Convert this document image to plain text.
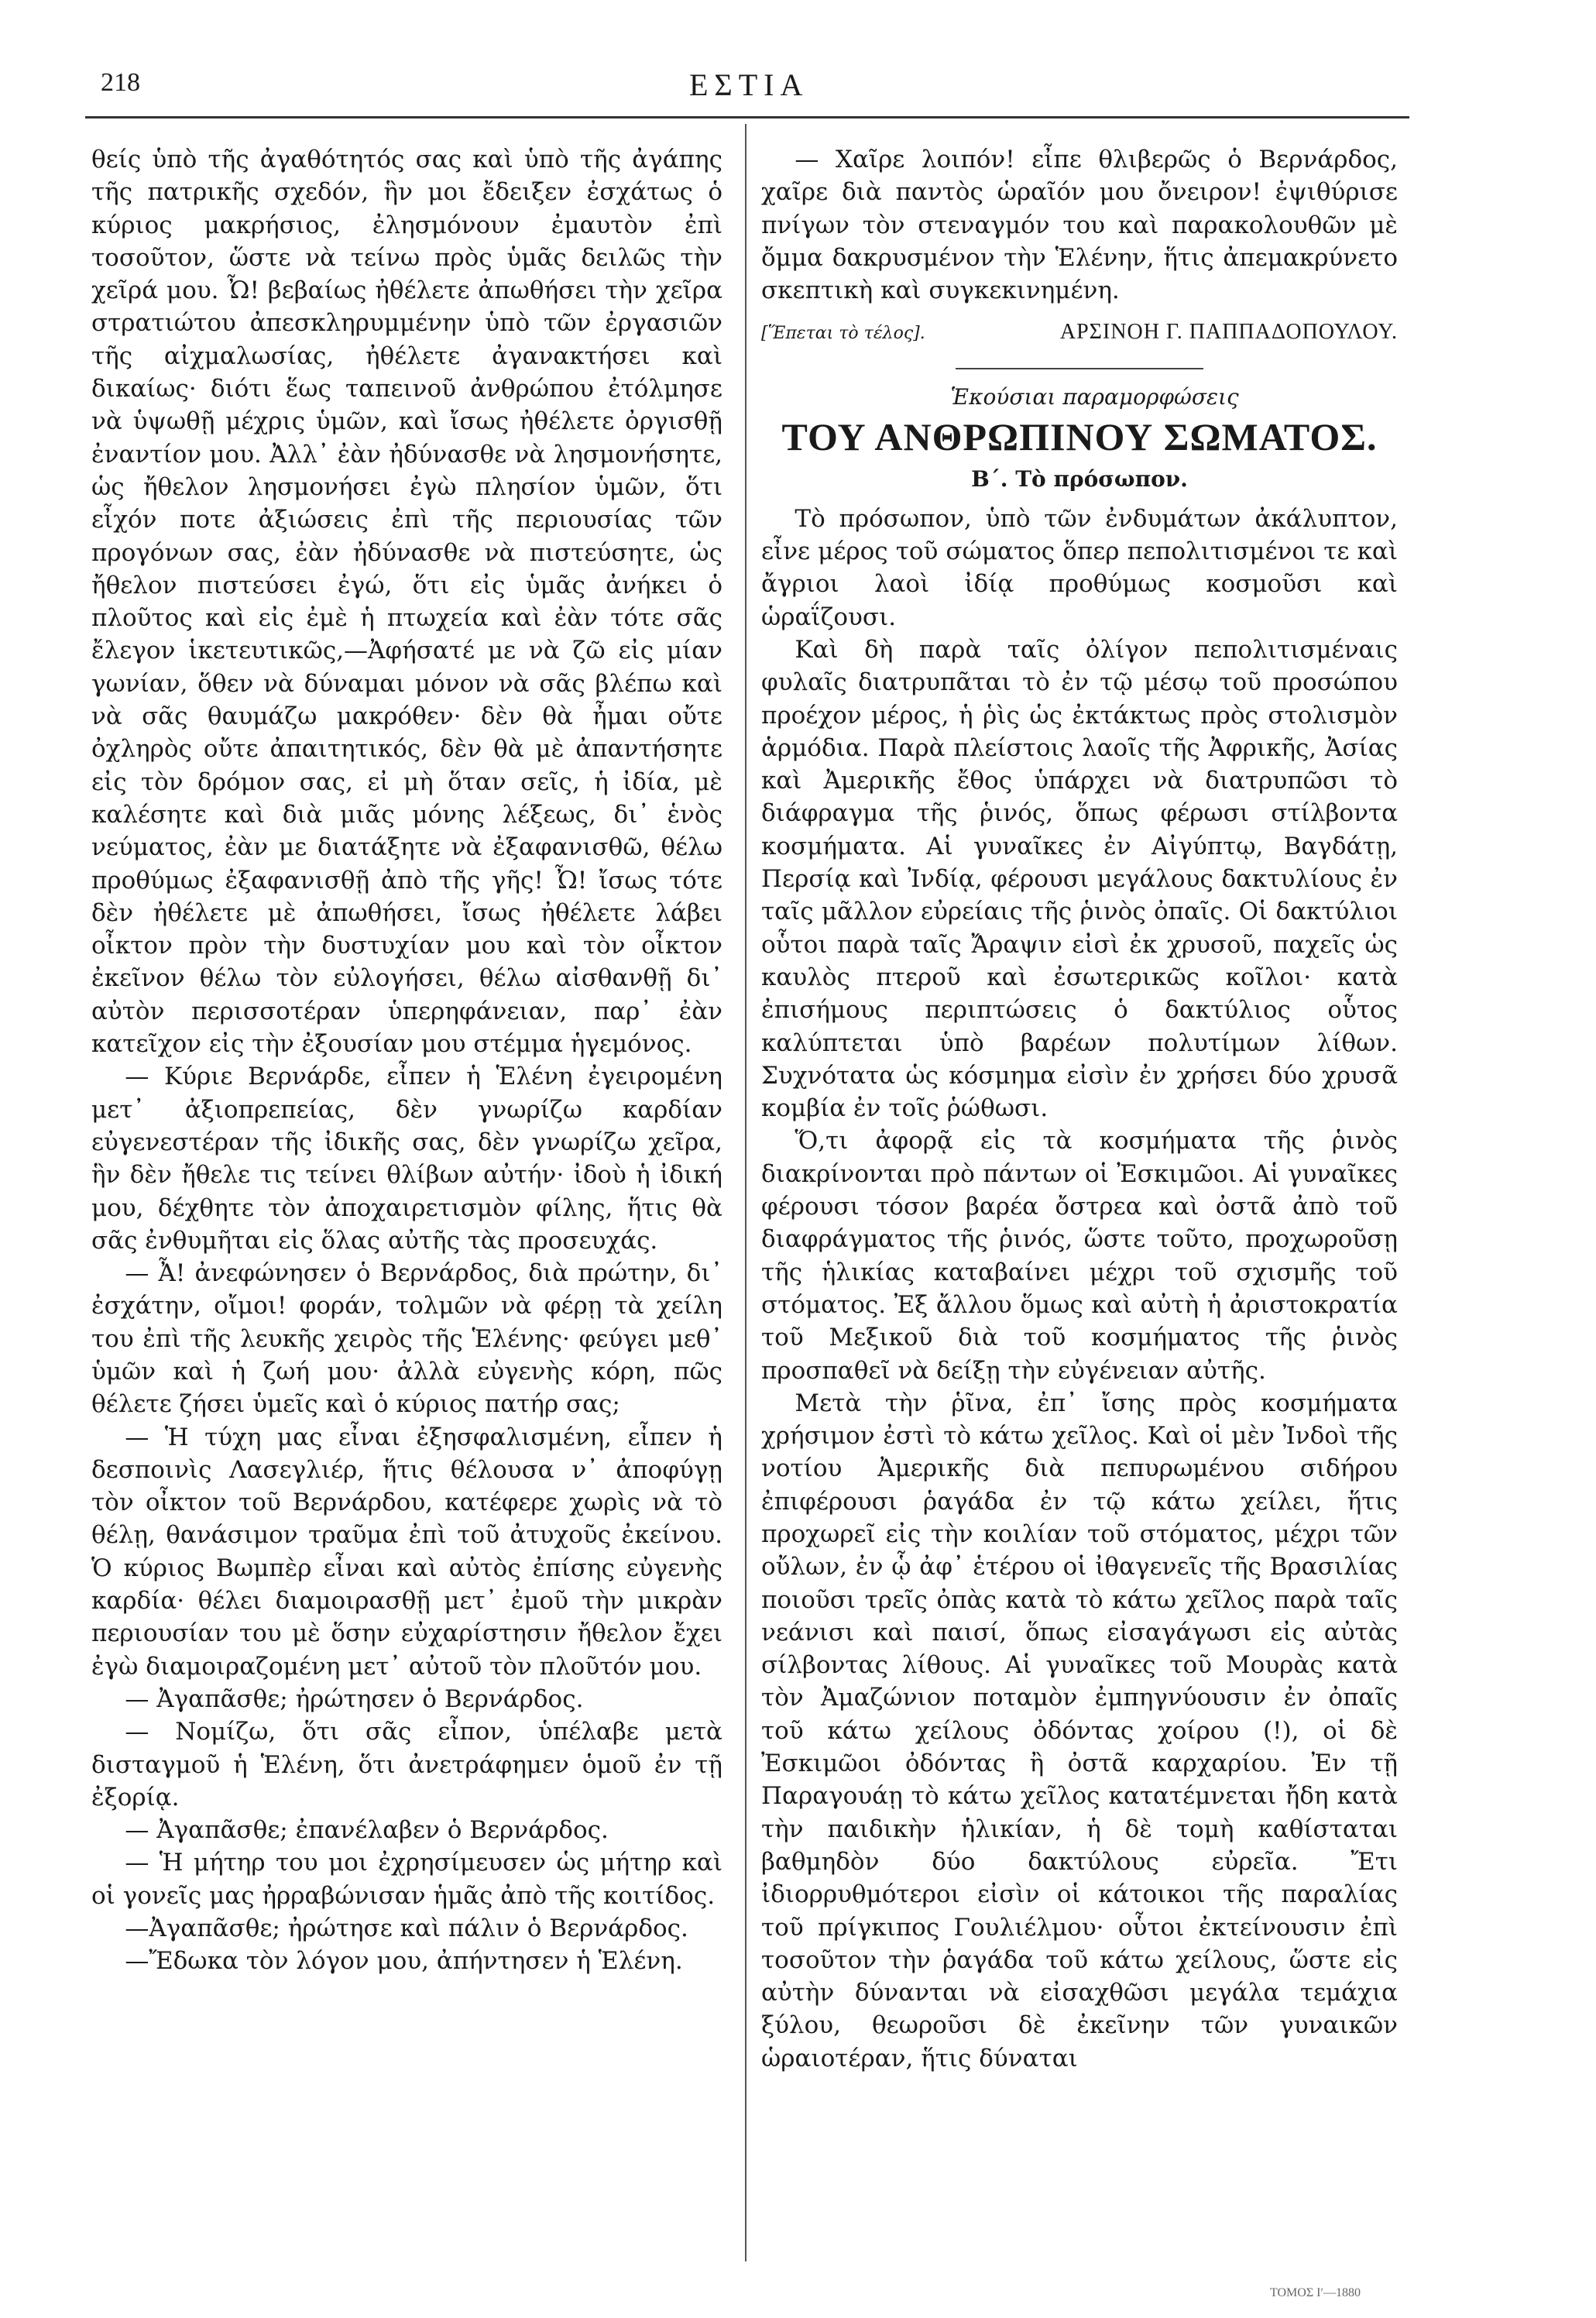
218	ΕΣΤΙΑ

θείς ὑπὸ τῆς ἀγαθότητός σας καὶ ὑπὸ τῆς ἀγάπης τῆς πατρικῆς σχεδόν, ἣν μοι ἔδειξεν ἐσχάτως ὁ κύριος μακρήσιος, ἐλησμόνουν ἐμαυτὸν ἐπὶ τοσοῦτον, ὥστε νὰ τείνω πρὸς ὑμᾶς δειλῶς τὴν χεῖρά μου. Ὦ! βεβαίως ἠθέλετε ἀπωθήσει τὴν χεῖρα στρατιώτου ἀπεσκληρυμμένην ὑπὸ τῶν ἐργασιῶν τῆς αἰχμαλωσίας, ἠθέλετε ἀγανακτήσει καὶ δικαίως· διότι ἕως ταπεινοῦ ἀνθρώπου ἐτόλμησε νὰ ὑψωθῇ μέχρις ὑμῶν, καὶ ἴσως ἠθέλετε ὀργισθῇ ἐναντίον μου. Ἀλλ᾽ ἐὰν ἠδύνασθε νὰ λησμονήσητε, ὡς ἤθελον λησμονήσει ἐγὼ πλησίον ὑμῶν, ὅτι εἶχόν ποτε ἀξιώσεις ἐπὶ τῆς περιουσίας τῶν προγόνων σας, ἐὰν ἠδύνασθε νὰ πιστεύσητε, ὡς ἤθελον πιστεύσει ἐγώ, ὅτι εἰς ὑμᾶς ἀνήκει ὁ πλοῦτος καὶ εἰς ἐμὲ ἡ πτωχεία καὶ ἐὰν τότε σᾶς ἔλεγον ἱκετευτικῶς,—Ἀφήσατέ με νὰ ζῶ εἰς μίαν γωνίαν, ὅθεν νὰ δύναμαι μόνον νὰ σᾶς βλέπω καὶ νὰ σᾶς θαυμάζω μακρόθεν· δὲν θὰ ἦμαι οὔτε ὀχληρὸς οὔτε ἀπαιτητικός, δὲν θὰ μὲ ἀπαντήσητε εἰς τὸν δρόμον σας, εἰ μὴ ὅταν σεῖς, ἡ ἰδία, μὲ καλέσητε καὶ διὰ μιᾶς μόνης λέξεως, δι᾽ ἑνὸς νεύματος, ἐὰν με διατάξητε νὰ ἐξαφανισθῶ, θέλω προθύμως ἐξαφανισθῇ ἀπὸ τῆς γῆς! Ὦ! ἴσως τότε δὲν ἠθέλετε μὲ ἀπωθήσει, ἴσως ἠθέλετε λάβει οἶκτον πρὸν τὴν δυστυχίαν μου καὶ τὸν οἶκτον ἐκεῖνον θέλω τὸν εὐλογήσει, θέλω αἰσθανθῇ δι᾽ αὐτὸν περισσοτέραν ὑπερηφάνειαν, παρ᾽ ἐὰν κατεῖχον εἰς τὴν ἐξουσίαν μου στέμμα ἡγεμόνος.

— Κύριε Βερνάρδε, εἶπεν ἡ Ἑλένη ἐγειρομένη μετ᾽ ἀξιοπρεπείας, δὲν γνωρίζω καρδίαν εὐγενεστέραν τῆς ἰδικῆς σας, δὲν γνωρίζω χεῖρα, ἣν δὲν ἤθελε τις τείνει θλίβων αὐτήν· ἰδοὺ ἡ ἰδική μου, δέχθητε τὸν ἀποχαιρετισμὸν φίλης, ἥτις θὰ σᾶς ἐνθυμῆται εἰς ὅλας αὐτῆς τὰς προσευχάς.

— Ἆ! ἀνεφώνησεν ὁ Βερνάρδος, διὰ πρώτην, δι᾽ ἐσχάτην, οἴμοι! φοράν, τολμῶν νὰ φέρῃ τὰ χείλη του ἐπὶ τῆς λευκῆς χειρὸς τῆς Ἑλένης· φεύγει μεθ᾽ ὑμῶν καὶ ἡ ζωή μου· ἀλλὰ εὐγενὴς κόρη, πῶς θέλετε ζήσει ὑμεῖς καὶ ὁ κύριος πατήρ σας;

— Ἡ τύχη μας εἶναι ἐξησφαλισμένη, εἶπεν ἡ δεσποινὶς Λασεγλιέρ, ἥτις θέλουσα ν᾽ ἀποφύγῃ τὸν οἶκτον τοῦ Βερνάρδου, κατέφερε χωρὶς νὰ τὸ θέλῃ, θανάσιμον τραῦμα ἐπὶ τοῦ ἀτυχοῦς ἐκείνου. Ὁ κύριος Βωμπὲρ εἶναι καὶ αὐτὸς ἐπίσης εὐγενὴς καρδία· θέλει διαμοιρασθῇ μετ᾽ ἐμοῦ τὴν μικρὰν περιουσίαν του μὲ ὅσην εὐχαρίστησιν ἤθελον ἔχει ἐγὼ διαμοιραζομένη μετ᾽ αὐτοῦ τὸν πλοῦτόν μου.

— Ἀγαπᾶσθε; ἠρώτησεν ὁ Βερνάρδος.

— Νομίζω, ὅτι σᾶς εἶπον, ὑπέλαβε μετὰ δισταγμοῦ ἡ Ἑλένη, ὅτι ἀνετράφημεν ὁμοῦ ἐν τῇ ἐξορίᾳ.

— Ἀγαπᾶσθε; ἐπανέλαβεν ὁ Βερνάρδος.

— Ἡ μήτηρ του μοι ἐχρησίμευσεν ὡς μήτηρ καὶ οἱ γονεῖς μας ἠρραβώνισαν ἡμᾶς ἀπὸ τῆς κοιτίδος.

—Ἀγαπᾶσθε; ἠρώτησε καὶ πάλιν ὁ Βερνάρδος.

—Ἔδωκα τὸν λόγον μου, ἀπήντησεν ἡ Ἑλένη.

— Χαῖρε λοιπόν! εἶπε θλιβερῶς ὁ Βερνάρδος, χαῖρε διὰ παντὸς ὡραῖόν μου ὄνειρον! ἐψιθύρισε πνίγων τὸν στεναγμόν του καὶ παρακολουθῶν μὲ ὄμμα δακρυσμένον τὴν Ἑλένην, ἥτις ἀπεμακρύνετο σκεπτικὴ καὶ συγκεκινημένη.

[Ἕπεται τὸ τέλος].	ΑΡΣΙΝΟΗ Γ. ΠΑΠΠΑΔΟΠΟΥΛΟΥ.

Ἑκούσιαι παραμορφώσεις

ΤΟΥ ΑΝΘΡΩΠΙΝΟΥ ΣΩΜΑΤΟΣ.
Β΄. Τὸ πρόσωπον.

Τὸ πρόσωπον, ὑπὸ τῶν ἐνδυμάτων ἀκάλυπτον, εἶνε μέρος τοῦ σώματος ὅπερ πεπολιτισμένοι τε καὶ ἄγριοι λαοὶ ἰδίᾳ προθύμως κοσμοῦσι καὶ ὡραΐζουσι.

Καὶ δὴ παρὰ ταῖς ὀλίγον πεπολιτισμέναις φυλαῖς διατρυπᾶται τὸ ἐν τῷ μέσῳ τοῦ προσώπου προέχον μέρος, ἡ ῥὶς ὡς ἐκτάκτως πρὸς στολισμὸν ἁρμόδια. Παρὰ πλείστοις λαοῖς τῆς Ἀφρικῆς, Ἀσίας καὶ Ἀμερικῆς ἔθος ὑπάρχει νὰ διατρυπῶσι τὸ διάφραγμα τῆς ῥινός, ὅπως φέρωσι στίλβοντα κοσμήματα. Αἱ γυναῖκες ἐν Αἰγύπτῳ, Βαγδάτῃ, Περσίᾳ καὶ Ἰνδίᾳ, φέρουσι μεγάλους δακτυλίους ἐν ταῖς μᾶλλον εὐρείαις τῆς ῥινὸς ὀπαῖς. Οἱ δακτύλιοι οὗτοι παρὰ ταῖς Ἄραψιν εἰσὶ ἐκ χρυσοῦ, παχεῖς ὡς καυλὸς πτεροῦ καὶ ἐσωτερικῶς κοῖλοι· κατὰ ἐπισήμους περιπτώσεις ὁ δακτύλιος οὗτος καλύπτεται ὑπὸ βαρέων πολυτίμων λίθων. Συχνότατα ὡς κόσμημα εἰσὶν ἐν χρήσει δύο χρυσᾶ κομβία ἐν τοῖς ῥώθωσι.

Ὅ,τι ἀφορᾷ εἰς τὰ κοσμήματα τῆς ῥινὸς διακρίνονται πρὸ πάντων οἱ Ἐσκιμῶοι. Αἱ γυναῖκες φέρουσι τόσον βαρέα ὄστρεα καὶ ὀστᾶ ἀπὸ τοῦ διαφράγματος τῆς ῥινός, ὥστε τοῦτο, προχωροῦσῃ τῆς ἡλικίας καταβαίνει μέχρι τοῦ σχισμῆς τοῦ στόματος. Ἐξ ἄλλου ὅμως καὶ αὐτὴ ἡ ἀριστοκρατία τοῦ Μεξικοῦ διὰ τοῦ κοσμήματος τῆς ῥινὸς προσπαθεῖ νὰ δείξῃ τὴν εὐγένειαν αὐτῆς.

Μετὰ τὴν ῥῖνα, ἐπ᾽ ἴσης πρὸς κοσμήματα χρήσιμον ἐστὶ τὸ κάτω χεῖλος. Καὶ οἱ μὲν Ἰνδοὶ τῆς νοτίου Ἀμερικῆς διὰ πεπυρωμένου σιδήρου ἐπιφέρουσι ῥαγάδα ἐν τῷ κάτω χείλει, ἥτις προχωρεῖ εἰς τὴν κοιλίαν τοῦ στόματος, μέχρι τῶν οὔλων, ἐν ᾧ ἀφ᾽ ἑτέρου οἱ ἰθαγενεῖς τῆς Βρασιλίας ποιοῦσι τρεῖς ὀπὰς κατὰ τὸ κάτω χεῖλος παρὰ ταῖς νεάνισι καὶ παισί, ὅπως εἰσαγάγωσι εἰς αὐτὰς σίλβοντας λίθους. Αἱ γυναῖκες τοῦ Μουρὰς κατὰ τὸν Ἀμαζώνιον ποταμὸν ἐμπηγνύουσιν ἐν ὀπαῖς τοῦ κάτω χείλους ὀδόντας χοίρου (!), οἱ δὲ Ἐσκιμῶοι ὀδόντας ἢ ὀστᾶ καρχαρίου. Ἐν τῇ Παραγουάῃ τὸ κάτω χεῖλος κατατέμνεται ἤδη κατὰ τὴν παιδικὴν ἡλικίαν, ἡ δὲ τομὴ καθίσταται βαθμηδὸν δύο δακτύλους εὐρεῖα. Ἔτι ἰδιορρυθμότεροι εἰσὶν οἱ κάτοικοι τῆς παραλίας τοῦ πρίγκιπος Γουλιέλμου· οὗτοι ἐκτείνουσιν ἐπὶ τοσοῦτον τὴν ῥαγάδα τοῦ κάτω χείλους, ὥστε εἰς αὐτὴν δύνανται νὰ εἰσαχθῶσι μεγάλα τεμάχια ξύλου, θεωροῦσι δὲ ἐκεῖνην τῶν γυναικῶν ὡραιοτέραν, ἥτις δύναται

ΤΟΜΟΣ Ιʹ—1880
